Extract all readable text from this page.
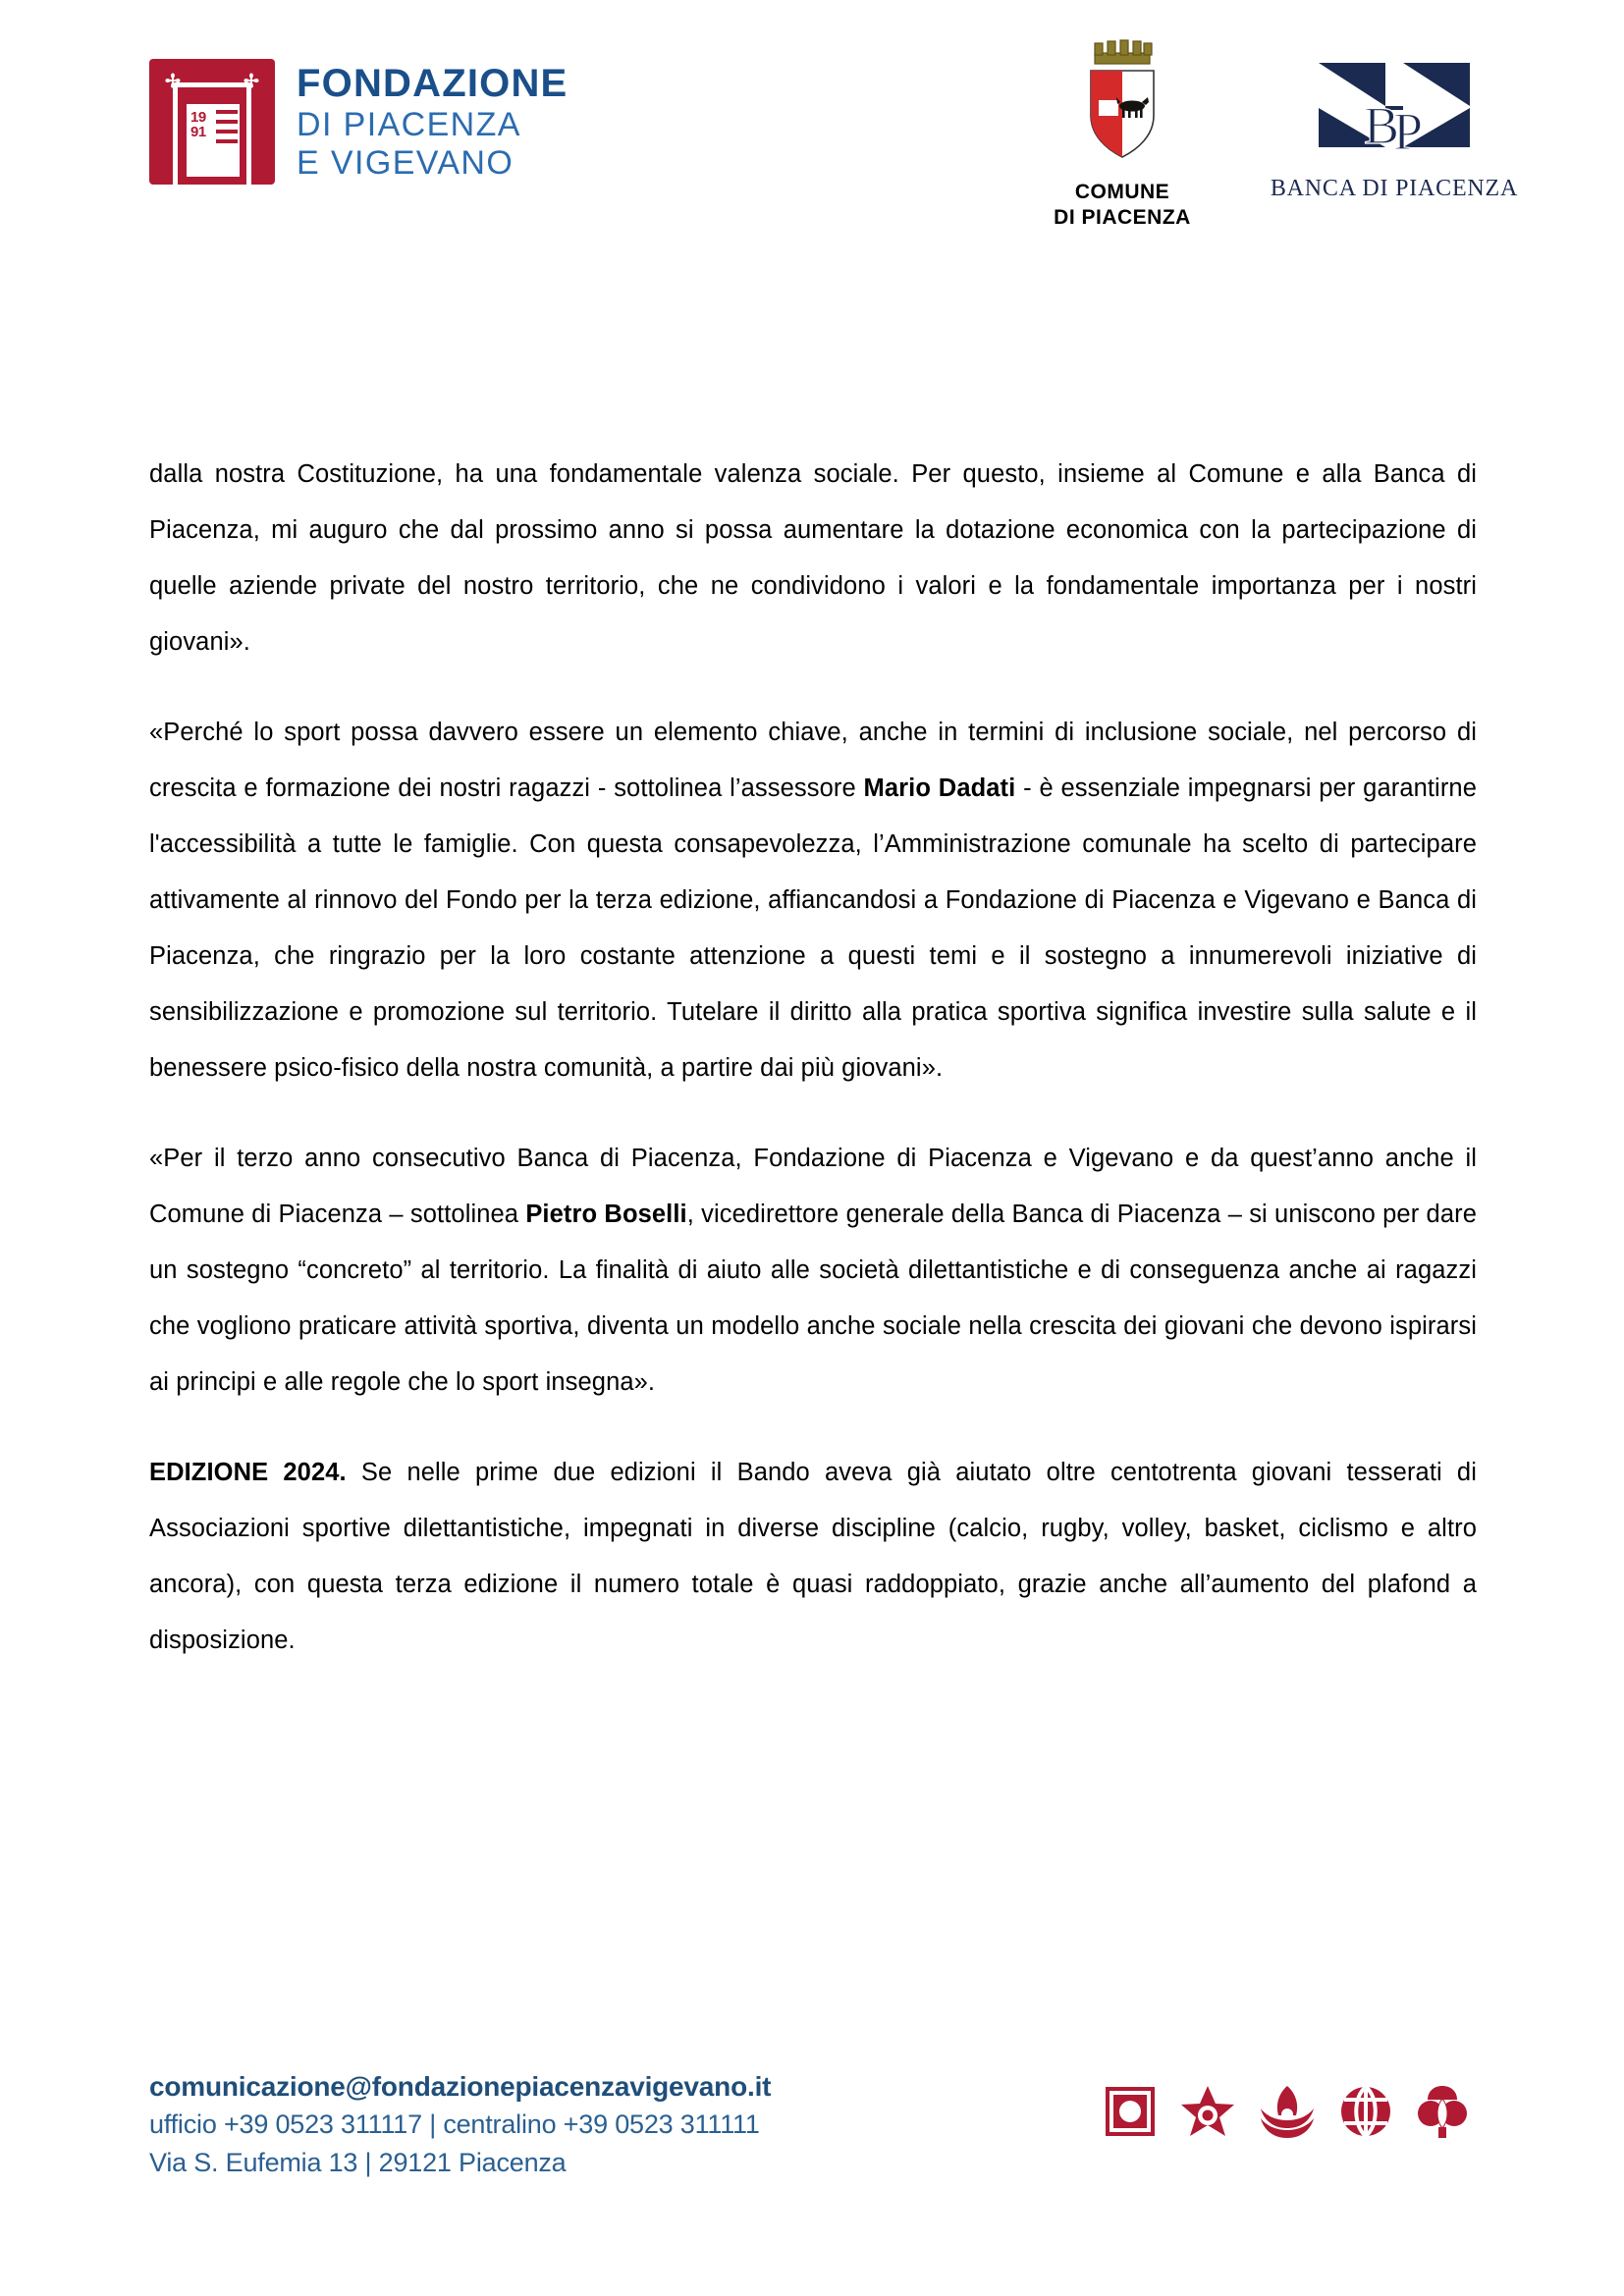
19
91
✢	✢ FONDAZIONE
DI PIACENZA
E VIGEVANO
COMUNE
DI PIACENZA
B
P
BANCA DI PIACENZA

dalla nostra Costituzione, ha una fondamentale valenza sociale. Per questo, insieme al Comune e alla Banca di Piacenza, mi auguro che dal prossimo anno si possa aumentare la dotazione economica con la partecipazione di quelle aziende private del nostro territorio, che ne condividono i valori e la fondamentale importanza per i nostri giovani».

«Perché lo sport possa davvero essere un elemento chiave, anche in termini di inclusione sociale, nel percorso di crescita e formazione dei nostri ragazzi - sottolinea l’assessore Mario Dadati - è essenziale impegnarsi per garantirne l'accessibilità a tutte le famiglie. Con questa consapevolezza, l’Amministrazione comunale ha scelto di partecipare attivamente al rinnovo del Fondo per la terza edizione, affiancandosi a Fondazione di Piacenza e Vigevano e Banca di Piacenza, che ringrazio per la loro costante attenzione a questi temi e il sostegno a innumerevoli iniziative di sensibilizzazione e promozione sul territorio. Tutelare il diritto alla pratica sportiva significa investire sulla salute e il benessere psico-fisico della nostra comunità, a partire dai più giovani».

«Per il terzo anno consecutivo Banca di Piacenza, Fondazione di Piacenza e Vigevano e da quest’anno anche il Comune di Piacenza – sottolinea Pietro Boselli, vicedirettore generale della Banca di Piacenza – si uniscono per dare un sostegno “concreto” al territorio. La finalità di aiuto alle società dilettantistiche e di conseguenza anche ai ragazzi che vogliono praticare attività sportiva, diventa un modello anche sociale nella crescita dei giovani che devono ispirarsi ai principi e alle regole che lo sport insegna».

EDIZIONE 2024. Se nelle prime due edizioni il Bando aveva già aiutato oltre centotrenta giovani tesserati di Associazioni sportive dilettantistiche, impegnati in diverse discipline (calcio, rugby, volley, basket, ciclismo e altro ancora), con questa terza edizione il numero totale è quasi raddoppiato, grazie anche all’aumento del plafond a disposizione.

comunicazione@fondazionepiacenzavigevano.it
ufficio +39 0523 311117 | centralino +39 0523 311111
Via S. Eufemia 13 | 29121 Piacenza
